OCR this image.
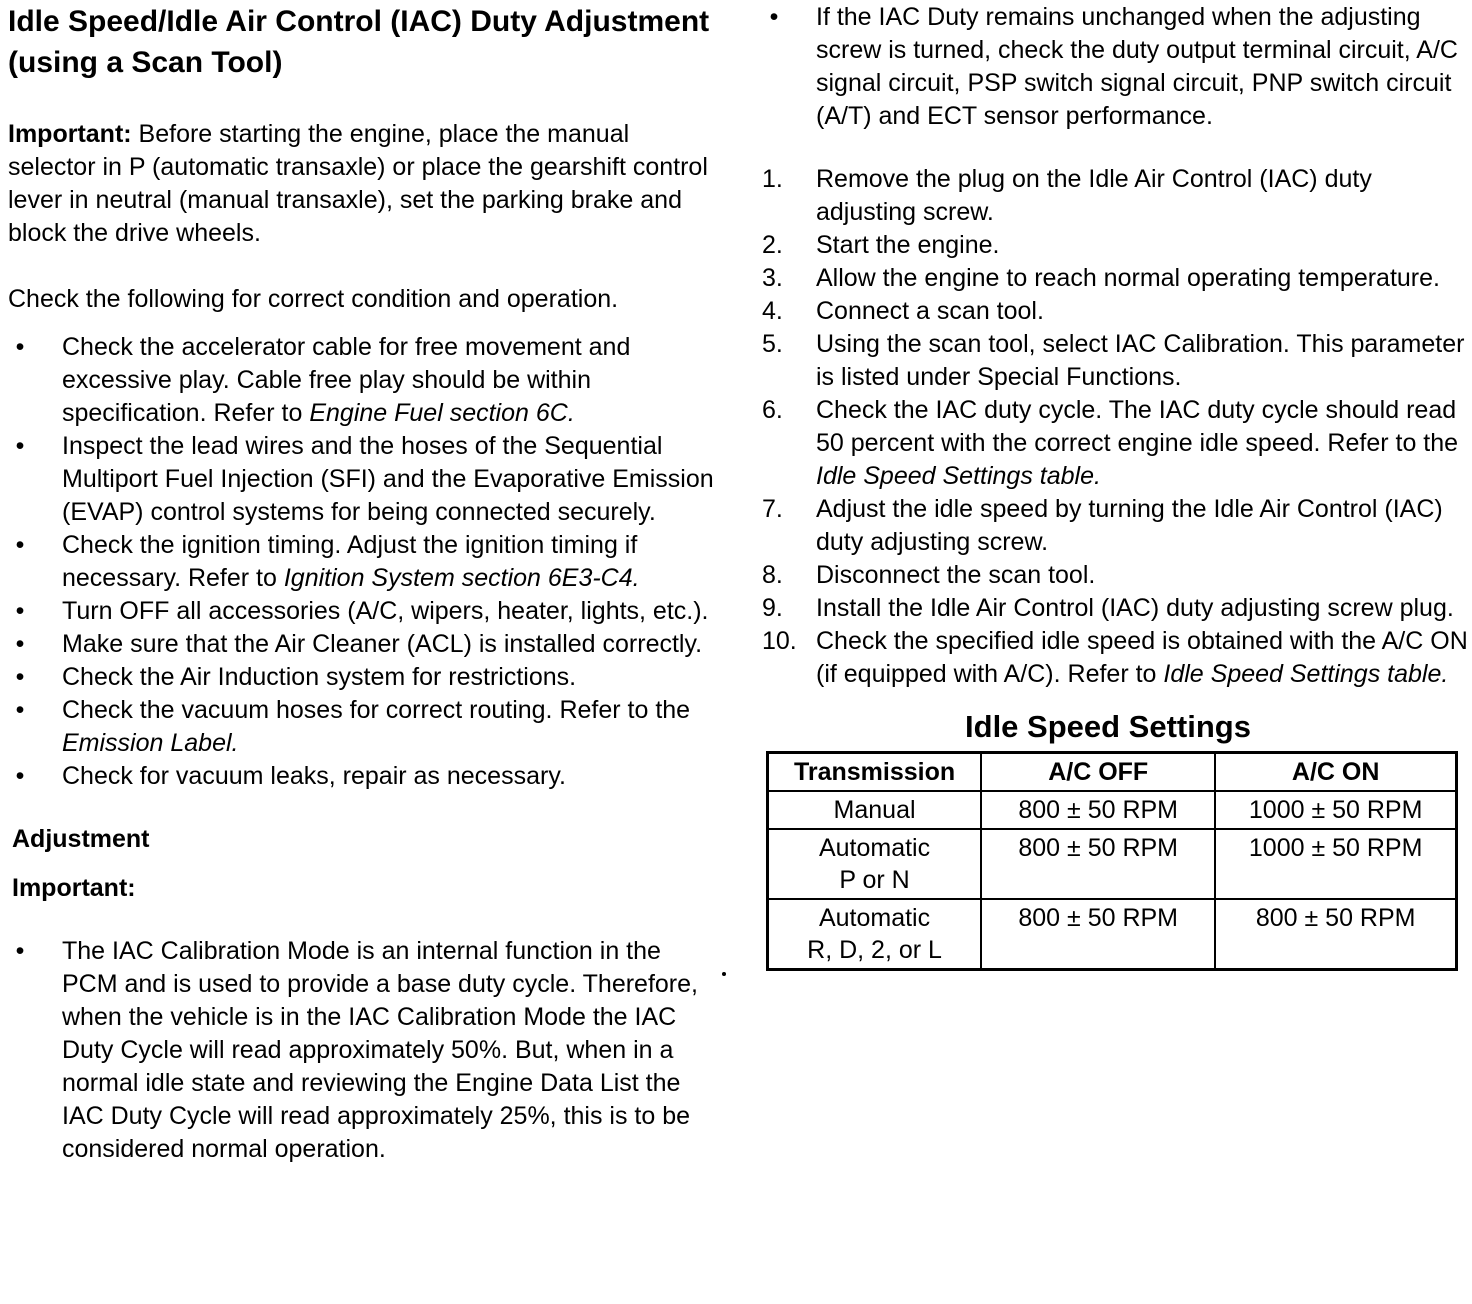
Idle Speed/Idle Air Control (IAC) Duty Adjustment (using a Scan Tool)

Important: Before starting the engine, place the manual selector in P (automatic transaxle) or place the gearshift control lever in neutral (manual transaxle), set the parking brake and block the drive wheels.

Check the following for correct condition and operation.

• Check the accelerator cable for free movement and excessive play. Cable free play should be within specification. Refer to Engine Fuel section 6C.
• Inspect the lead wires and the hoses of the Sequential Multiport Fuel Injection (SFI) and the Evaporative Emission (EVAP) control systems for being connected securely.
• Check the ignition timing. Adjust the ignition timing if necessary. Refer to Ignition System section 6E3-C4.
• Turn OFF all accessories (A/C, wipers, heater, lights, etc.).
• Make sure that the Air Cleaner (ACL) is installed correctly.
• Check the Air Induction system for restrictions.
• Check the vacuum hoses for correct routing. Refer to the Emission Label.
• Check for vacuum leaks, repair as necessary.
Adjustment

Important:

• The IAC Calibration Mode is an internal function in the PCM and is used to provide a base duty cycle. Therefore, when the vehicle is in the IAC Calibration Mode the IAC Duty Cycle will read approximately 50%. But, when in a normal idle state and reviewing the Engine Data List the IAC Duty Cycle will read approximately 25%, this is to be considered normal operation.
• If the IAC Duty remains unchanged when the adjusting screw is turned, check the duty output terminal circuit, A/C signal circuit, PSP switch signal circuit, PNP switch circuit (A/T) and ECT sensor performance.
1.	Remove the plug on the Idle Air Control (IAC) duty adjusting screw.
2.	Start the engine.
3.	Allow the engine to reach normal operating temperature.
4.	Connect a scan tool.
5.	Using the scan tool, select IAC Calibration. This parameter is listed under Special Functions.
6.	Check the IAC duty cycle. The IAC duty cycle should read 50 percent with the correct engine idle speed. Refer to the Idle Speed Settings table.
7.	Adjust the idle speed by turning the Idle Air Control (IAC) duty adjusting screw.
8.	Disconnect the scan tool.
9.	Install the Idle Air Control (IAC) duty adjusting screw plug.
10. Check the specified idle speed is obtained with the A/C ON (if equipped with A/C). Refer to Idle Speed Settings table.
Idle Speed Settings
Transmission	A/C OFF	A/C ON
Manual	800 ± 50 RPM	1000 ± 50 RPM
Automatic
P or N	800 ± 50 RPM	1000 ± 50 RPM
Automatic
R, D, 2, or L	800 ± 50 RPM	800 ± 50 RPM
